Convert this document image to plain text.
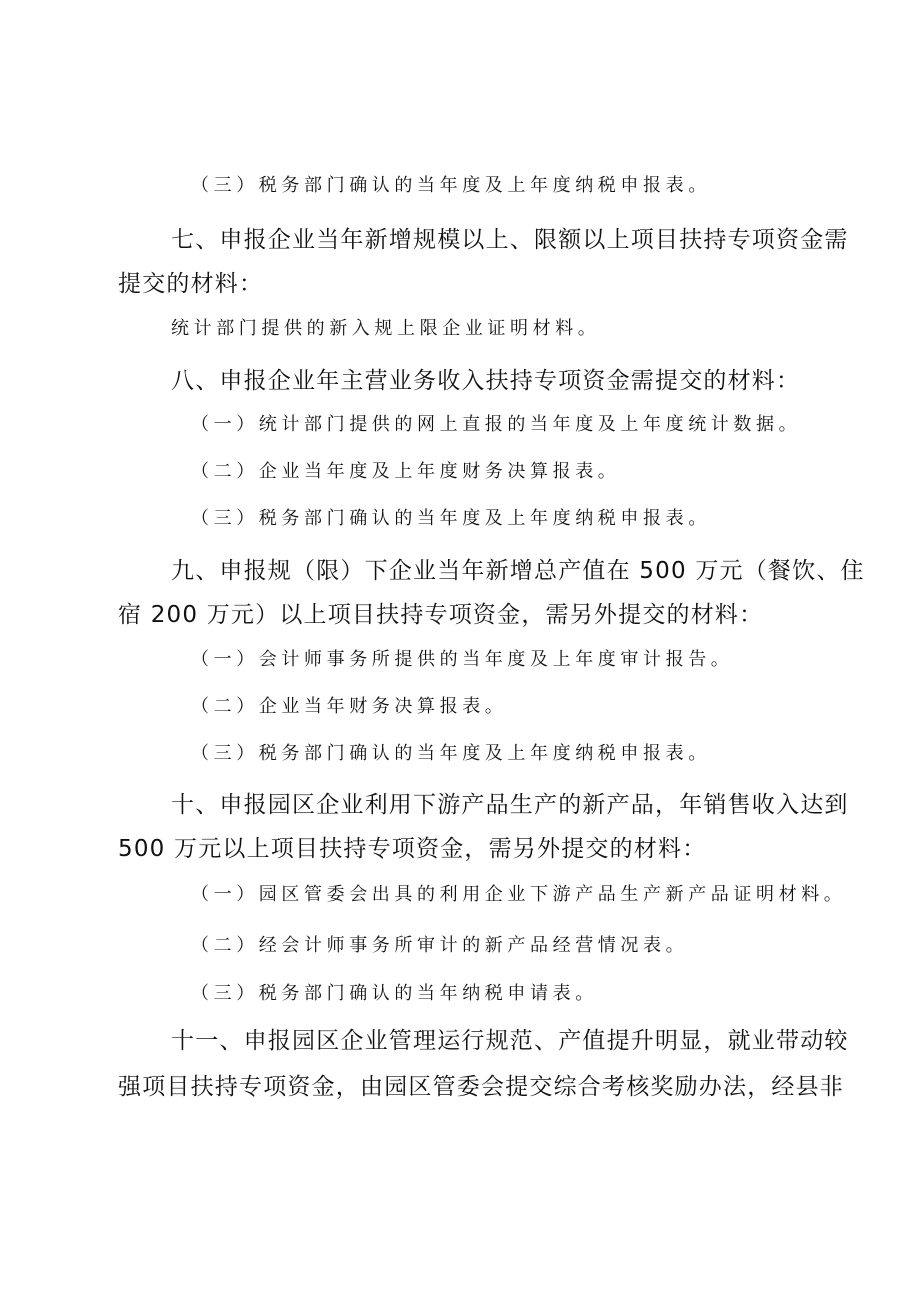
（三）税务部门确认的当年度及上年度纳税申报表。
七、申报企业当年新增规模以上、限额以上项目扶持专项资金需
提交的材料：
统计部门提供的新入规上限企业证明材料。
八、申报企业年主营业务收入扶持专项资金需提交的材料：
（一）统计部门提供的网上直报的当年度及上年度统计数据。
（二）企业当年度及上年度财务决算报表。
（三）税务部门确认的当年度及上年度纳税申报表。
九、申报规（限）下企业当年新增总产值在 500 万元（餐饮、住
宿 200 万元）以上项目扶持专项资金，需另外提交的材料：
（一）会计师事务所提供的当年度及上年度审计报告。
（二）企业当年财务决算报表。
（三）税务部门确认的当年度及上年度纳税申报表。
十、申报园区企业利用下游产品生产的新产品，年销售收入达到
500 万元以上项目扶持专项资金，需另外提交的材料：
（一）园区管委会出具的利用企业下游产品生产新产品证明材料。
（二）经会计师事务所审计的新产品经营情况表。
（三）税务部门确认的当年纳税申请表。
十一、申报园区企业管理运行规范、产值提升明显，就业带动较
强项目扶持专项资金，由园区管委会提交综合考核奖励办法，经县非
